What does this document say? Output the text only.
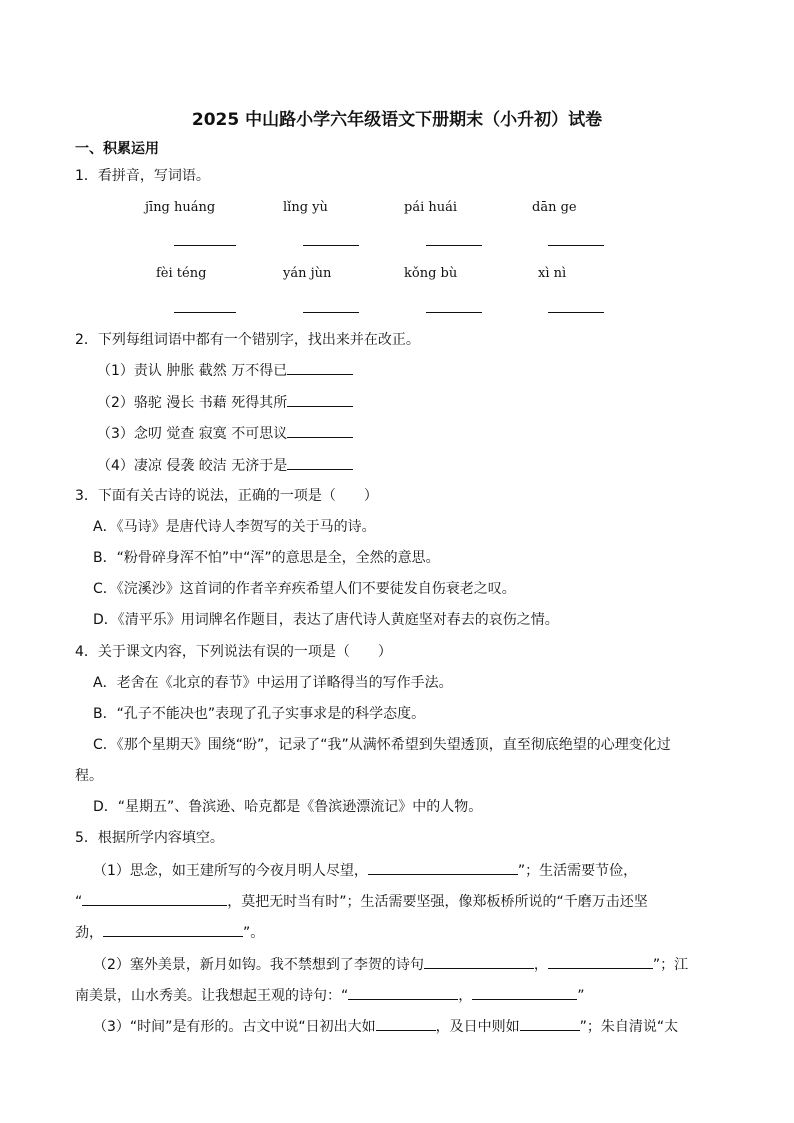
2025 中山路小学六年级语文下册期末（小升初）试卷
一、积累运用
1．看拼音，写词语。
jīng huáng	lǐng yù	pái huái	dān ge
fèi téng	yán jùn	kǒng bù	xì nì
2．下列每组词语中都有一个错别字，找出来并在改正。
（1）责认 肿胀 截然 万不得已
（2）骆驼 漫长 书藉 死得其所
（3）念叨 觉查 寂寞 不可思议
（4）凄凉 侵袭 皎洁 无济于是
3．下面有关古诗的说法，正确的一项是（　　）
A．《马诗》是唐代诗人李贺写的关于马的诗。
B．“粉骨碎身浑不怕”中“浑”的意思是全，全然的意思。
C．《浣溪沙》这首词的作者辛弃疾希望人们不要徒发自伤衰老之叹。
D．《清平乐》用词牌名作题目，表达了唐代诗人黄庭坚对春去的哀伤之情。
4．关于课文内容，下列说法有误的一项是（　　）
A．老舍在《北京的春节》中运用了详略得当的写作手法。
B．“孔子不能决也”表现了孔子实事求是的科学态度。
C．《那个星期天》围绕“盼”，记录了“我”从满怀希望到失望透顶，直至彻底绝望的心理变化过
程。
D．“星期五”、鲁滨逊、哈克都是《鲁滨逊漂流记》中的人物。
5．根据所学内容填空。
（1）思念，如王建所写的今夜月明人尽望，	”；生活需要节俭，
“	，莫把无时当有时”；生活需要坚强，像郑板桥所说的“千磨万击还坚
劲，	”。
（2）塞外美景，新月如钩。我不禁想到了李贺的诗句	，	”；江
南美景，山水秀美。让我想起王观的诗句：“	，	”
（3）“时间”是有形的。古文中说“日初出大如	，及日中则如	”；朱自清说“太
